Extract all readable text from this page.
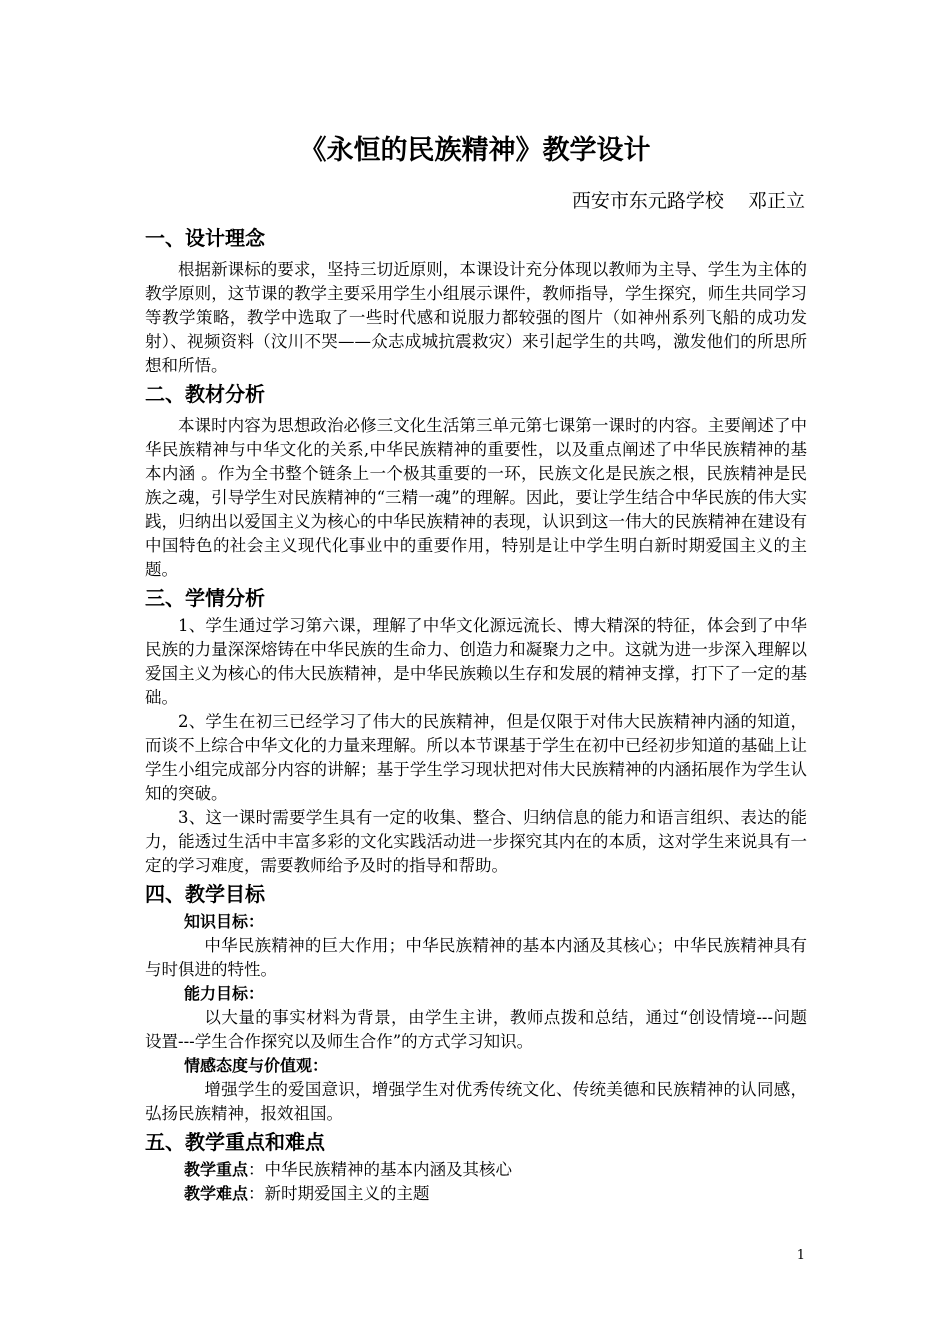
《永恒的民族精神》教学设计
西安市东元路学校    邓正立
一、设计理念

根据新课标的要求，坚持三切近原则，本课设计充分体现以教师为主导、学生为主体的教学原则，这节课的教学主要采用学生小组展示课件，教师指导，学生探究，师生共同学习等教学策略，教学中选取了一些时代感和说服力都较强的图片（如神州系列飞船的成功发射）、视频资料（汶川不哭——众志成城抗震救灾）来引起学生的共鸣，激发他们的所思所想和所悟。

二、教材分析

本课时内容为思想政治必修三文化生活第三单元第七课第一课时的内容。主要阐述了中华民族精神与中华文化的关系,中华民族精神的重要性，以及重点阐述了中华民族精神的基本内涵 。作为全书整个链条上一个极其重要的一环，民族文化是民族之根，民族精神是民族之魂，引导学生对民族精神的“三精一魂”的理解。因此，要让学生结合中华民族的伟大实践，归纳出以爱国主义为核心的中华民族精神的表现，认识到这一伟大的民族精神在建设有中国特色的社会主义现代化事业中的重要作用，特别是让中学生明白新时期爱国主义的主题。

三、学情分析

1、学生通过学习第六课，理解了中华文化源远流长、博大精深的特征，体会到了中华民族的力量深深熔铸在中华民族的生命力、创造力和凝聚力之中。这就为进一步深入理解以爱国主义为核心的伟大民族精神，是中华民族赖以生存和发展的精神支撑，打下了一定的基础。

2、学生在初三已经学习了伟大的民族精神，但是仅限于对伟大民族精神内涵的知道，而谈不上综合中华文化的力量来理解。所以本节课基于学生在初中已经初步知道的基础上让学生小组完成部分内容的讲解；基于学生学习现状把对伟大民族精神的内涵拓展作为学生认知的突破。

3、这一课时需要学生具有一定的收集、整合、归纳信息的能力和语言组织、表达的能力，能透过生活中丰富多彩的文化实践活动进一步探究其内在的本质，这对学生来说具有一定的学习难度，需要教师给予及时的指导和帮助。

四、教学目标
知识目标：

中华民族精神的巨大作用；中华民族精神的基本内涵及其核心；中华民族精神具有与时俱进的特性。

能力目标：

以大量的事实材料为背景，由学生主讲，教师点拨和总结，通过“创设情境---问题设置---学生合作探究以及师生合作”的方式学习知识。

情感态度与价值观：

增强学生的爱国意识，增强学生对优秀传统文化、传统美德和民族精神的认同感，弘扬民族精神，报效祖国。

五、教学重点和难点
教学重点：中华民族精神的基本内涵及其核心
教学难点：新时期爱国主义的主题
1
